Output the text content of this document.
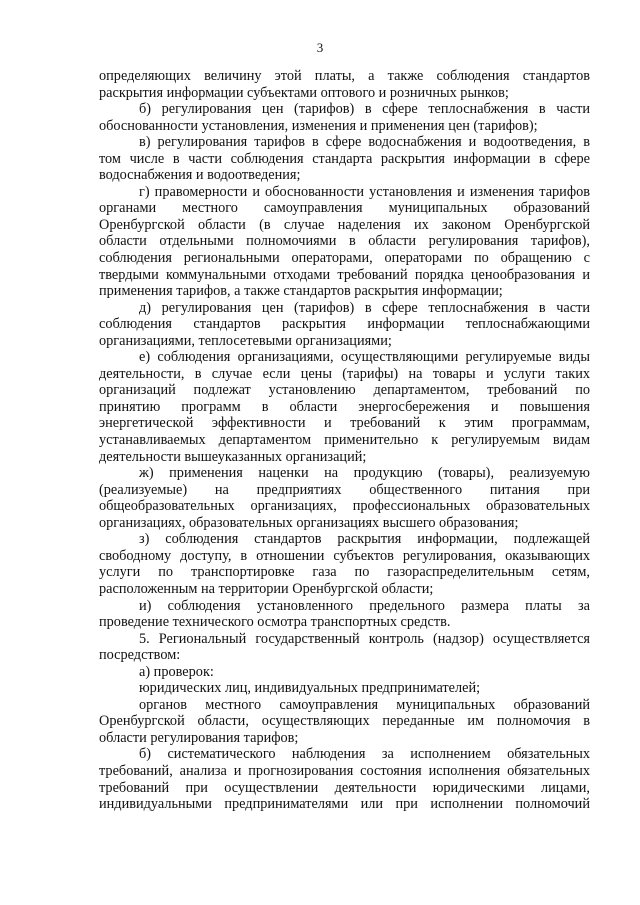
3
определяющих величину этой платы, а также соблюдения стандартов
раскрытия информации субъектами оптового и розничных рынков;
б) регулирования цен (тарифов) в сфере теплоснабжения в части
обоснованности установления, изменения и применения цен (тарифов);
в) регулирования тарифов в сфере водоснабжения и водоотведения, в
том числе в части соблюдения стандарта раскрытия информации в сфере
водоснабжения и водоотведения;
г) правомерности и обоснованности установления и изменения тарифов
органами местного самоуправления муниципальных образований
Оренбургской области (в случае наделения их законом Оренбургской
области отдельными полномочиями в области регулирования тарифов),
соблюдения региональными операторами, операторами по обращению с
твердыми коммунальными отходами требований порядка ценообразования и
применения тарифов, а также стандартов раскрытия информации;
д) регулирования цен (тарифов) в сфере теплоснабжения в части
соблюдения стандартов раскрытия информации теплоснабжающими
организациями, теплосетевыми организациями;
е) соблюдения организациями, осуществляющими регулируемые виды
деятельности, в случае если цены (тарифы) на товары и услуги таких
организаций подлежат установлению департаментом, требований по
принятию программ в области энергосбережения и повышения
энергетической эффективности и требований к этим программам,
устанавливаемых департаментом применительно к регулируемым видам
деятельности вышеуказанных организаций;
ж) применения наценки на продукцию (товары), реализуемую
(реализуемые) на предприятиях общественного питания при
общеобразовательных организациях, профессиональных образовательных
организациях, образовательных организациях высшего образования;
з) соблюдения стандартов раскрытия информации, подлежащей
свободному доступу, в отношении субъектов регулирования, оказывающих
услуги по транспортировке газа по газораспределительным сетям,
расположенным на территории Оренбургской области;
и) соблюдения установленного предельного размера платы за
проведение технического осмотра транспортных средств.
5. Региональный государственный контроль (надзор) осуществляется
посредством:
а) проверок:
юридических лиц, индивидуальных предпринимателей;
органов местного самоуправления муниципальных образований
Оренбургской области, осуществляющих переданные им полномочия в
области регулирования тарифов;
б) систематического наблюдения за исполнением обязательных
требований, анализа и прогнозирования состояния исполнения обязательных
требований при осуществлении деятельности юридическими лицами,
индивидуальными предпринимателями или при исполнении полномочий
